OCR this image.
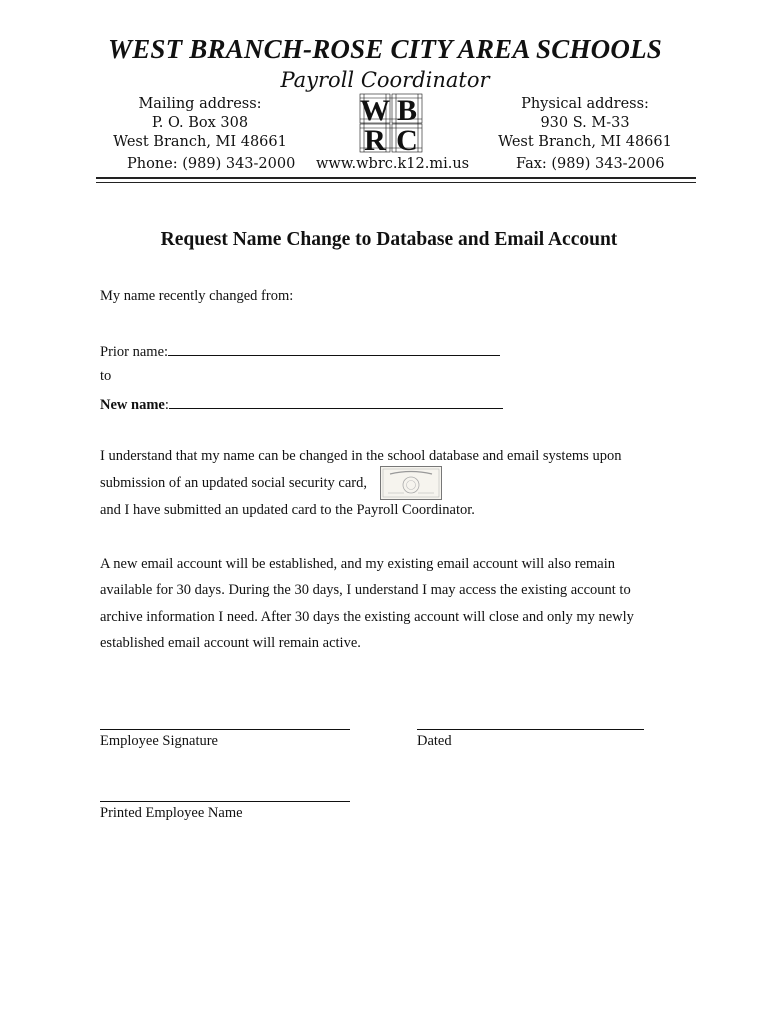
WEST BRANCH-ROSE CITY AREA SCHOOLS
Payroll Coordinator
Mailing address:
P. O. Box 308
West Branch, MI 48661
Physical address:
930 S. M-33
West Branch, MI 48661
W B
R C
Phone: (989) 343-2000 www.wbrc.k12.mi.us	Fax: (989) 343-2006
Request Name Change to Database and Email Account
My name recently changed from:
Prior name:
to
New name:
I understand that my name can be changed in the school database and email systems upon
submission of an updated social security card,
and I have submitted an updated card to the Payroll Coordinator.
A new email account will be established, and my existing email account will also remain
available for 30 days. During the 30 days, I understand I may access the existing account to
archive information I need. After 30 days the existing account will close and only my newly
established email account will remain active.
Employee Signature	Dated
Printed Employee Name
